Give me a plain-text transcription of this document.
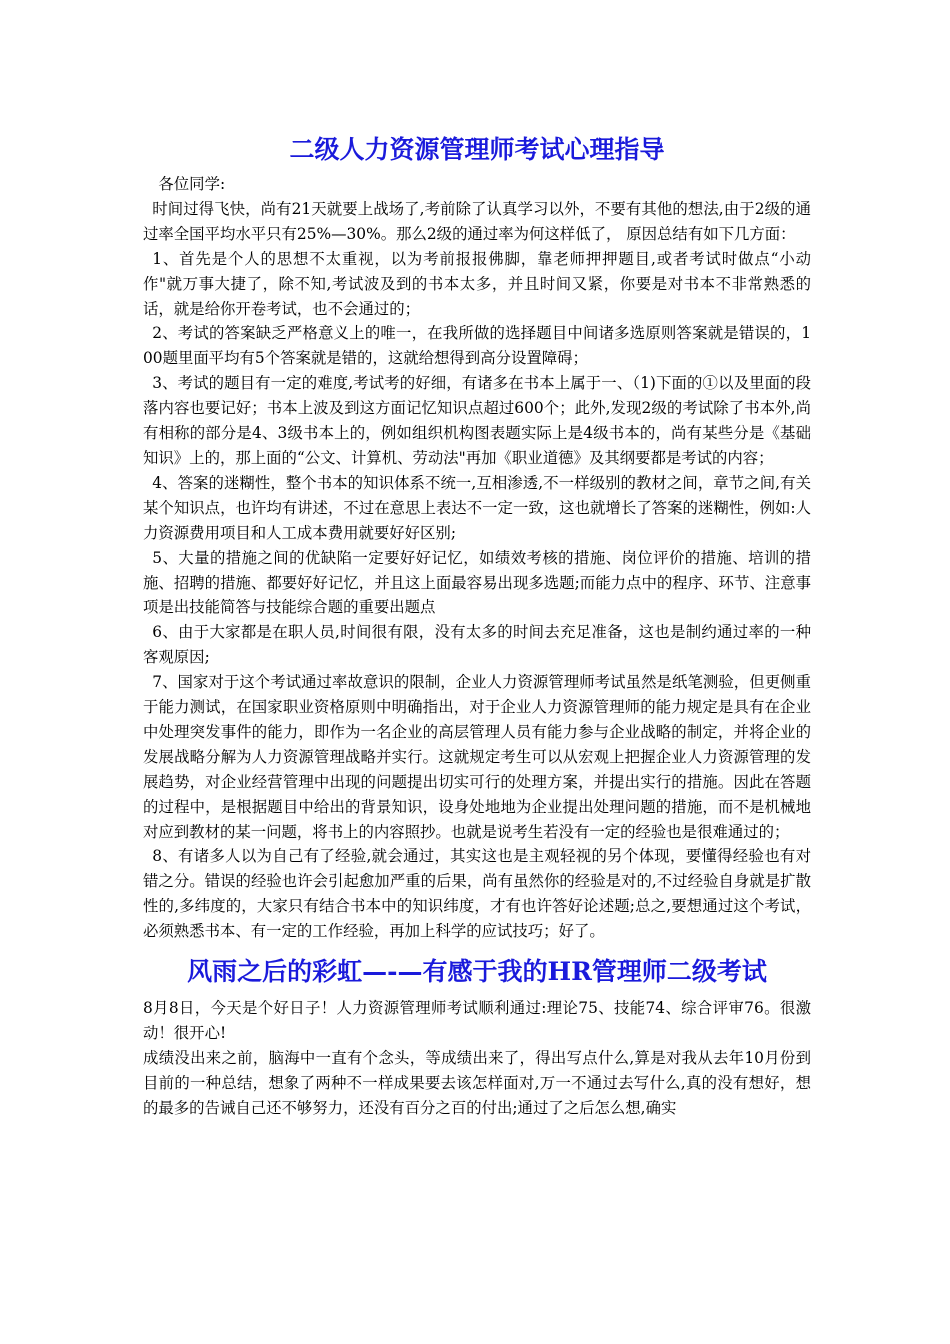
二级人力资源管理师考试心理指导

各位同学:

时间过得飞快，尚有21天就要上战场了,考前除了认真学习以外，不要有其他的想法,由于2级的通过率全国平均水平只有25%—30%。那么2级的通过率为何这样低了， 原因总结有如下几方面：

1、首先是个人的思想不太重视，以为考前报报佛脚，靠老师押押题目,或者考试时做点“小动作"就万事大捷了，除不知,考试波及到的书本太多，并且时间又紧，你要是对书本不非常熟悉的话，就是给你开卷考试，也不会通过的；

2、考试的答案缺乏严格意义上的唯一，在我所做的选择题目中间诸多选原则答案就是错误的，100题里面平均有5个答案就是错的，这就给想得到高分设置障碍；

3、考试的题目有一定的难度,考试考的好细，有诸多在书本上属于一、（1)下面的①以及里面的段落内容也要记好；书本上波及到这方面记忆知识点超过600个；此外,发现2级的考试除了书本外,尚有相称的部分是4、3级书本上的，例如组织机构图表题实际上是4级书本的，尚有某些分是《基础知识》上的，那上面的“公文、计算机、劳动法"再加《职业道德》及其纲要都是考试的内容；

4、答案的迷糊性，整个书本的知识体系不统一,互相渗透,不一样级别的教材之间，章节之间,有关某个知识点，也许均有讲述，不过在意思上表达不一定一致，这也就增长了答案的迷糊性，例如:人力资源费用项目和人工成本费用就要好好区别;

5、大量的措施之间的优缺陷一定要好好记忆，如绩效考核的措施、岗位评价的措施、培训的措施、招聘的措施、都要好好记忆，并且这上面最容易出现多选题;而能力点中的程序、环节、注意事项是出技能简答与技能综合题的重要出题点

6、由于大家都是在职人员,时间很有限，没有太多的时间去充足准备，这也是制约通过率的一种客观原因;

7、国家对于这个考试通过率故意识的限制，企业人力资源管理师考试虽然是纸笔测验，但更侧重于能力测试，在国家职业资格原则中明确指出，对于企业人力资源管理师的能力规定是具有在企业中处理突发事件的能力，即作为一名企业的高层管理人员有能力参与企业战略的制定，并将企业的发展战略分解为人力资源管理战略并实行。这就规定考生可以从宏观上把握企业人力资源管理的发展趋势，对企业经营管理中出现的问题提出切实可行的处理方案，并提出实行的措施。因此在答题的过程中，是根据题目中给出的背景知识，设身处地地为企业提出处理问题的措施，而不是机械地对应到教材的某一问题，将书上的内容照抄。也就是说考生若没有一定的经验也是很难通过的；

8、有诸多人以为自己有了经验,就会通过，其实这也是主观轻视的另个体现，要懂得经验也有对错之分。错误的经验也许会引起愈加严重的后果，尚有虽然你的经验是对的,不过经验自身就是扩散性的,多纬度的，大家只有结合书本中的知识纬度，才有也许答好论述题;总之,要想通过这个考试，必须熟悉书本、有一定的工作经验，再加上科学的应试技巧；好了。

风雨之后的彩虹—-—有感于我的HR管理师二级考试

8月8日，今天是个好日子！人力资源管理师考试顺利通过:理论75、技能74、综合评审76。很激动！很开心!

成绩没出来之前，脑海中一直有个念头，等成绩出来了，得出写点什么,算是对我从去年10月份到目前的一种总结，想象了两种不一样成果要去该怎样面对,万一不通过去写什么,真的没有想好，想的最多的告诫自己还不够努力，还没有百分之百的付出;通过了之后怎么想,确实
